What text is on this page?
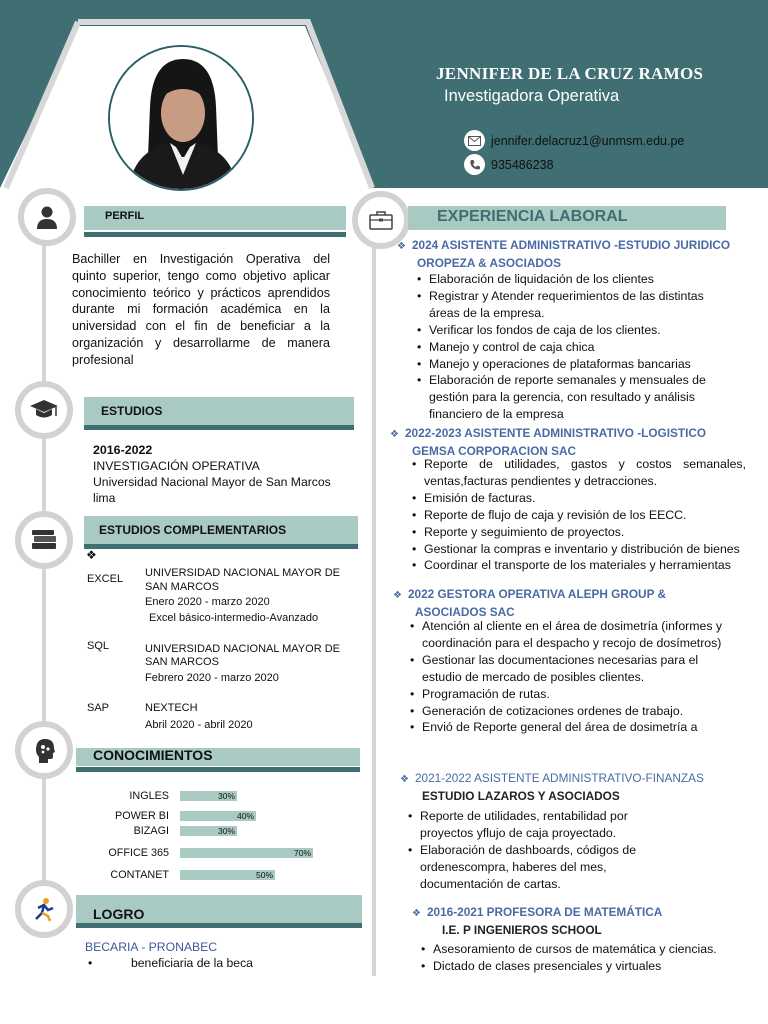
JENNIFER DE LA CRUZ RAMOS
Investigadora Operativa
jennifer.delacruz1@unmsm.edu.pe
935486238
PERFIL
Bachiller en Investigación Operativa del quinto superior, tengo como objetivo aplicar conocimiento teórico y prácticos aprendidos durante mi formación académica en la universidad con el fin de beneficiar a la organización y desarrollarme de manera profesional
ESTUDIOS
2016-2022
INVESTIGACIÓN OPERATIVA
Universidad Nacional Mayor de San Marcos
lima
ESTUDIOS COMPLEMENTARIOS
❖
EXCEL UNIVERSIDAD NACIONAL MAYOR DE
SAN MARCOS
Enero 2020 - marzo 2020
Excel básico-intermedio-Avanzado
SQL	UNIVERSIDAD NACIONAL MAYOR DE
SAN MARCOS
Febrero 2020 - marzo 2020
SAP	NEXTECH
Abril 2020 - abril 2020
CONOCIMIENTOS
INGLES	30%
POWER BI	40%
BIZAGI	30%
OFFICE 365	70%
CONTANET	50%
LOGRO
BECARIA - PRONABEC
•	beneficiaria de la beca
EXPERIENCIA LABORAL
❖ 2024 ASISTENTE ADMINISTRATIVO -ESTUDIO JURIDICO
OROPEZA & ASOCIADOS
• Elaboración de liquidación de los clientes
• Registrar y Atender requerimientos de las distintas áreas de la empresa.
• Verificar los fondos de caja de los clientes.
• Manejo y control de caja chica
• Manejo y operaciones de plataformas bancarias
• Elaboración de reporte semanales y mensuales de gestión para la gerencia, con resultado y análisis financiero de la empresa
❖ 2022-2023 ASISTENTE ADMINISTRATIVO -LOGISTICO
GEMSA CORPORACION SAC
• Reporte de utilidades, gastos y costos semanales, ventas,facturas pendientes y detracciones.
• Emisión de facturas.
• Reporte de flujo de caja y revisión de los EECC.
• Reporte y seguimiento de proyectos.
• Gestionar la compras e inventario y distribución de bienes
• Coordinar el transporte de los materiales y herramientas
❖ 2022 GESTORA OPERATIVA ALEPH GROUP &
ASOCIADOS SAC
• Atención al cliente en el área de dosimetría (informes y coordinación para el despacho y recojo de dosímetros)
• Gestionar las documentaciones necesarias para el estudio de mercado de posibles clientes.
• Programación de rutas.
• Generación de cotizaciones ordenes de trabajo.
• Envió de Reporte general del área de dosimetría a
❖ 2021-2022 ASISTENTE ADMINISTRATIVO-FINANZAS
ESTUDIO LAZAROS Y ASOCIADOS
• Reporte de utilidades, rentabilidad por proyectos yflujo de caja proyectado.
• Elaboración de dashboards, códigos de ordenescompra, haberes del mes, documentación de cartas.
❖ 2016-2021 PROFESORA DE MATEMÁTICA
I.E. P INGENIEROS SCHOOL
• Asesoramiento de cursos de matemática y ciencias.
• Dictado de clases presenciales y virtuales
